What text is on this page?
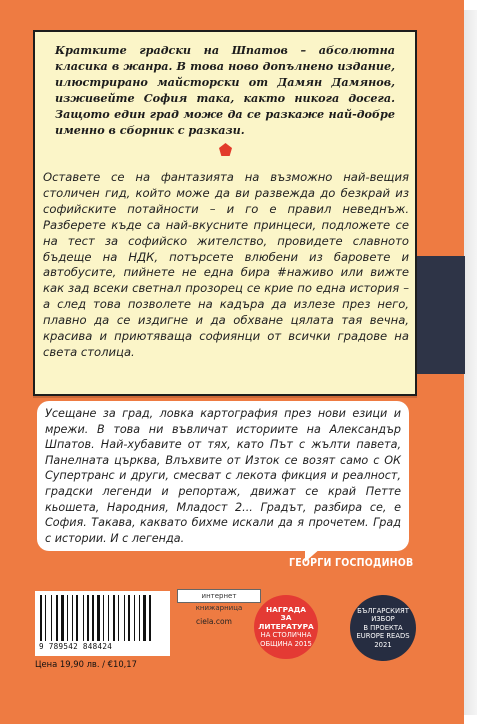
Кратките градски на Шпатов – абсолютна класика в жанра. В това ново допълнено издание, илюстрирано майсторски от Дамян Дамянов, изживейте София така, както никога досега. Защото един град може да се разкаже най-добре именно в сборник с разкази.
Оставете се на фантазията на възможно най-вещия столичен гид, който може да ви развежда до безкрай из софийските потайности – и го е правил неведнъж. Разберете къде са най-вкусните принцеси, подложете се на тест за софийско жителство, провидете славното бъдеще на НДК, потърсете влюбени из бароветe и автобусите, пийнете не една бира #наживо или вижте как зад всеки светнал прозорец се крие по една история – а след това позволете на кадъра да излезе през него, плавно да се издигне и да обхване цялата тая вечна, красива и приютяваща софиянци от всички градове на света столица.
Усещане за град, ловка картография през нови езици и мрежи. В това ни въвличат историите на Александър Шпатов. Най-хубавите от тях, като Път с жълти павета, Панелната църква, Влъхвите от Изток се возят само с ОК Супертранс и други, смесват с лекота фикция и реалност, градски легенди и репортаж, движат се край Петте кьошета, Народния, Младост 2... Градът, разбира се, е София. Такава, каквато бихме искали да я прочетем. Град с истории. И с легенда.
ГЕОРГИ ГОСПОДИНОВ
интернет книжарница
9 789542 848424
Цена 19,90 лв. / €10,17
ciela.com
НАГРАДА
ЗА ЛИТЕРАТУРА
НА СТОЛИЧНА
ОБЩИНА 2015
БЪЛГАРСКИЯТ
ИЗБОР
В ПРОЕКТА
EUROPE READS
2021
